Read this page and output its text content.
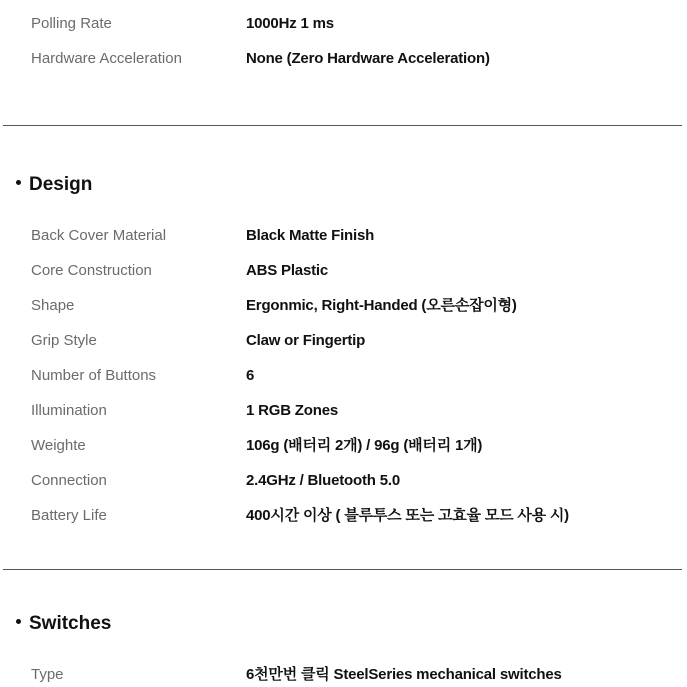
Polling Rate	1000Hz 1 ms
Hardware Acceleration	None (Zero Hardware Acceleration)
Design
Back Cover Material	Black Matte Finish
Core Construction	ABS Plastic
Shape	Ergonmic, Right-Handed (오른손잡이형)
Grip Style	Claw or Fingertip
Number of Buttons	6
Illumination	1 RGB Zones
Weighte	106g (배터리 2개) / 96g (배터리 1개)
Connection	2.4GHz / Bluetooth 5.0
Battery Life	400시간 이상 ( 블루투스 또는 고효율 모드 사용 시)
Switches
Type	6천만번 클릭 SteelSeries mechanical switches
